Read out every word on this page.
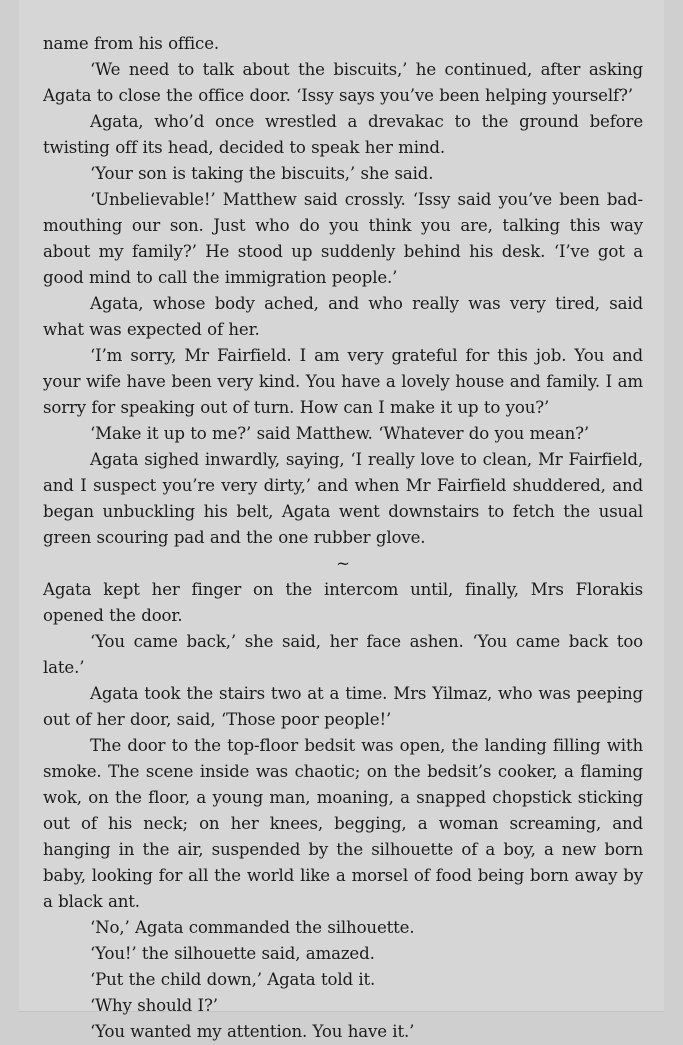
name from his office.

‘We need to talk about the biscuits,’ he continued, after asking Agata to close the office door. ‘Issy says you’ve been helping yourself?’

Agata, who’d once wrestled a drevakac to the ground before twisting off its head, decided to speak her mind.

‘Your son is taking the biscuits,’ she said.

‘Unbelievable!’ Matthew said crossly. ‘Issy said you’ve been bad-mouthing our son. Just who do you think you are, talking this way about my family?’ He stood up suddenly behind his desk. ‘I’ve got a good mind to call the immigration people.’

Agata, whose body ached, and who really was very tired, said what was expected of her.

‘I’m sorry, Mr Fairfield. I am very grateful for this job. You and your wife have been very kind. You have a lovely house and family. I am sorry for speaking out of turn. How can I make it up to you?’

‘Make it up to me?’ said Matthew. ‘Whatever do you mean?’

Agata sighed inwardly, saying, ‘I really love to clean, Mr Fairfield, and I suspect you’re very dirty,’ and when Mr Fairfield shuddered, and began unbuckling his belt, Agata went downstairs to fetch the usual green scouring pad and the one rubber glove.

~

Agata kept her finger on the intercom until, finally, Mrs Florakis opened the door.

‘You came back,’ she said, her face ashen. ‘You came back too late.’

Agata took the stairs two at a time. Mrs Yilmaz, who was peeping out of her door, said, ‘Those poor people!’

The door to the top-floor bedsit was open, the landing filling with smoke. The scene inside was chaotic; on the bedsit’s cooker, a flaming wok, on the floor, a young man, moaning, a snapped chopstick sticking out of his neck; on her knees, begging, a woman screaming, and hanging in the air, suspended by the silhouette of a boy, a new born baby, looking for all the world like a morsel of food being born away by a black ant.

‘No,’ Agata commanded the silhouette.

‘You!’ the silhouette said, amazed.

‘Put the child down,’ Agata told it.

‘Why should I?’

‘You wanted my attention. You have it.’
